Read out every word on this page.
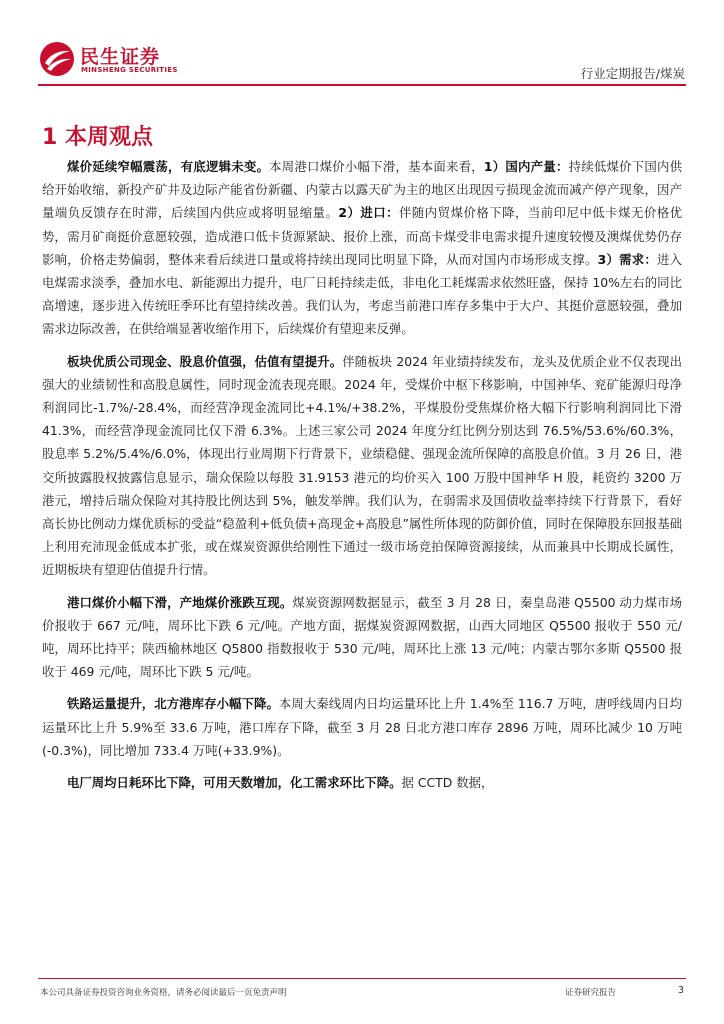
民生证券
MINSHENG SECURITIES	行业定期报告/煤炭
1 本周观点

煤价延续窄幅震荡，有底逻辑未变。本周港口煤价小幅下滑，基本面来看，1）国内产量：持续低煤价下国内供给开始收缩，新投产矿井及边际产能省份新疆、内蒙古以露天矿为主的地区出现因亏损现金流而减产停产现象，因产量端负反馈存在时滞，后续国内供应或将明显缩量。2）进口：伴随内贸煤价格下降，当前印尼中低卡煤无价格优势，需月矿商挺价意愿较强，造成港口低卡货源紧缺、报价上涨，而高卡煤受非电需求提升速度较慢及澳煤优势仍存影响，价格走势偏弱，整体来看后续进口量或将持续出现同比明显下降，从而对国内市场形成支撑。3）需求：进入电煤需求淡季，叠加水电、新能源出力提升，电厂日耗持续走低，非电化工耗煤需求依然旺盛，保持 10%左右的同比高增速，逐步进入传统旺季环比有望持续改善。我们认为，考虑当前港口库存多集中于大户、其挺价意愿较强，叠加需求边际改善，在供给端显著收缩作用下，后续煤价有望迎来反弹。

板块优质公司现金、股息价值强，估值有望提升。伴随板块 2024 年业绩持续发布，龙头及优质企业不仅表现出强大的业绩韧性和高股息属性，同时现金流表现亮眼。2024 年，受煤价中枢下移影响，中国神华、兖矿能源归母净利润同比-1.7%/-28.4%，而经营净现金流同比+4.1%/+38.2%，平煤股份受焦煤价格大幅下行影响利润同比下滑 41.3%，而经营净现金流同比仅下滑 6.3%。上述三家公司 2024 年度分红比例分别达到 76.5%/53.6%/60.3%，股息率 5.2%/5.4%/6.0%，体现出行业周期下行背景下，业绩稳健、强现金流所保障的高股息价值。3 月 26 日，港交所披露股权披露信息显示，瑞众保险以每股 31.9153 港元的均价买入 100 万股中国神华 H 股，耗资约 3200 万港元，增持后瑞众保险对其持股比例达到 5%，触发举牌。我们认为，在弱需求及国债收益率持续下行背景下，看好高长协比例动力煤优质标的受益“稳盈利+低负债+高现金+高股息”属性所体现的防御价值，同时在保障股东回报基础上利用充沛现金低成本扩张，或在煤炭资源供给刚性下通过一级市场竞拍保障资源接续，从而兼具中长期成长属性，近期板块有望迎估值提升行情。

港口煤价小幅下滑，产地煤价涨跌互现。煤炭资源网数据显示，截至 3 月 28 日，秦皇岛港 Q5500 动力煤市场价报收于 667 元/吨，周环比下跌 6 元/吨。产地方面，据煤炭资源网数据，山西大同地区 Q5500 报收于 550 元/吨，周环比持平；陕西榆林地区 Q5800 指数报收于 530 元/吨，周环比上涨 13 元/吨；内蒙古鄂尔多斯 Q5500 报收于 469 元/吨，周环比下跌 5 元/吨。

铁路运量提升，北方港库存小幅下降。本周大秦线周内日均运量环比上升 1.4%至 116.7 万吨，唐呼线周内日均运量环比上升 5.9%至 33.6 万吨，港口库存下降，截至 3 月 28 日北方港口库存 2896 万吨，周环比减少 10 万吨(-0.3%)，同比增加 733.4 万吨(+33.9%)。

电厂周均日耗环比下降，可用天数增加，化工需求环比下降。据 CCTD 数据，

本公司具备证券投资咨询业务资格，请务必阅读最后一页免责声明	证券研究报告	3
